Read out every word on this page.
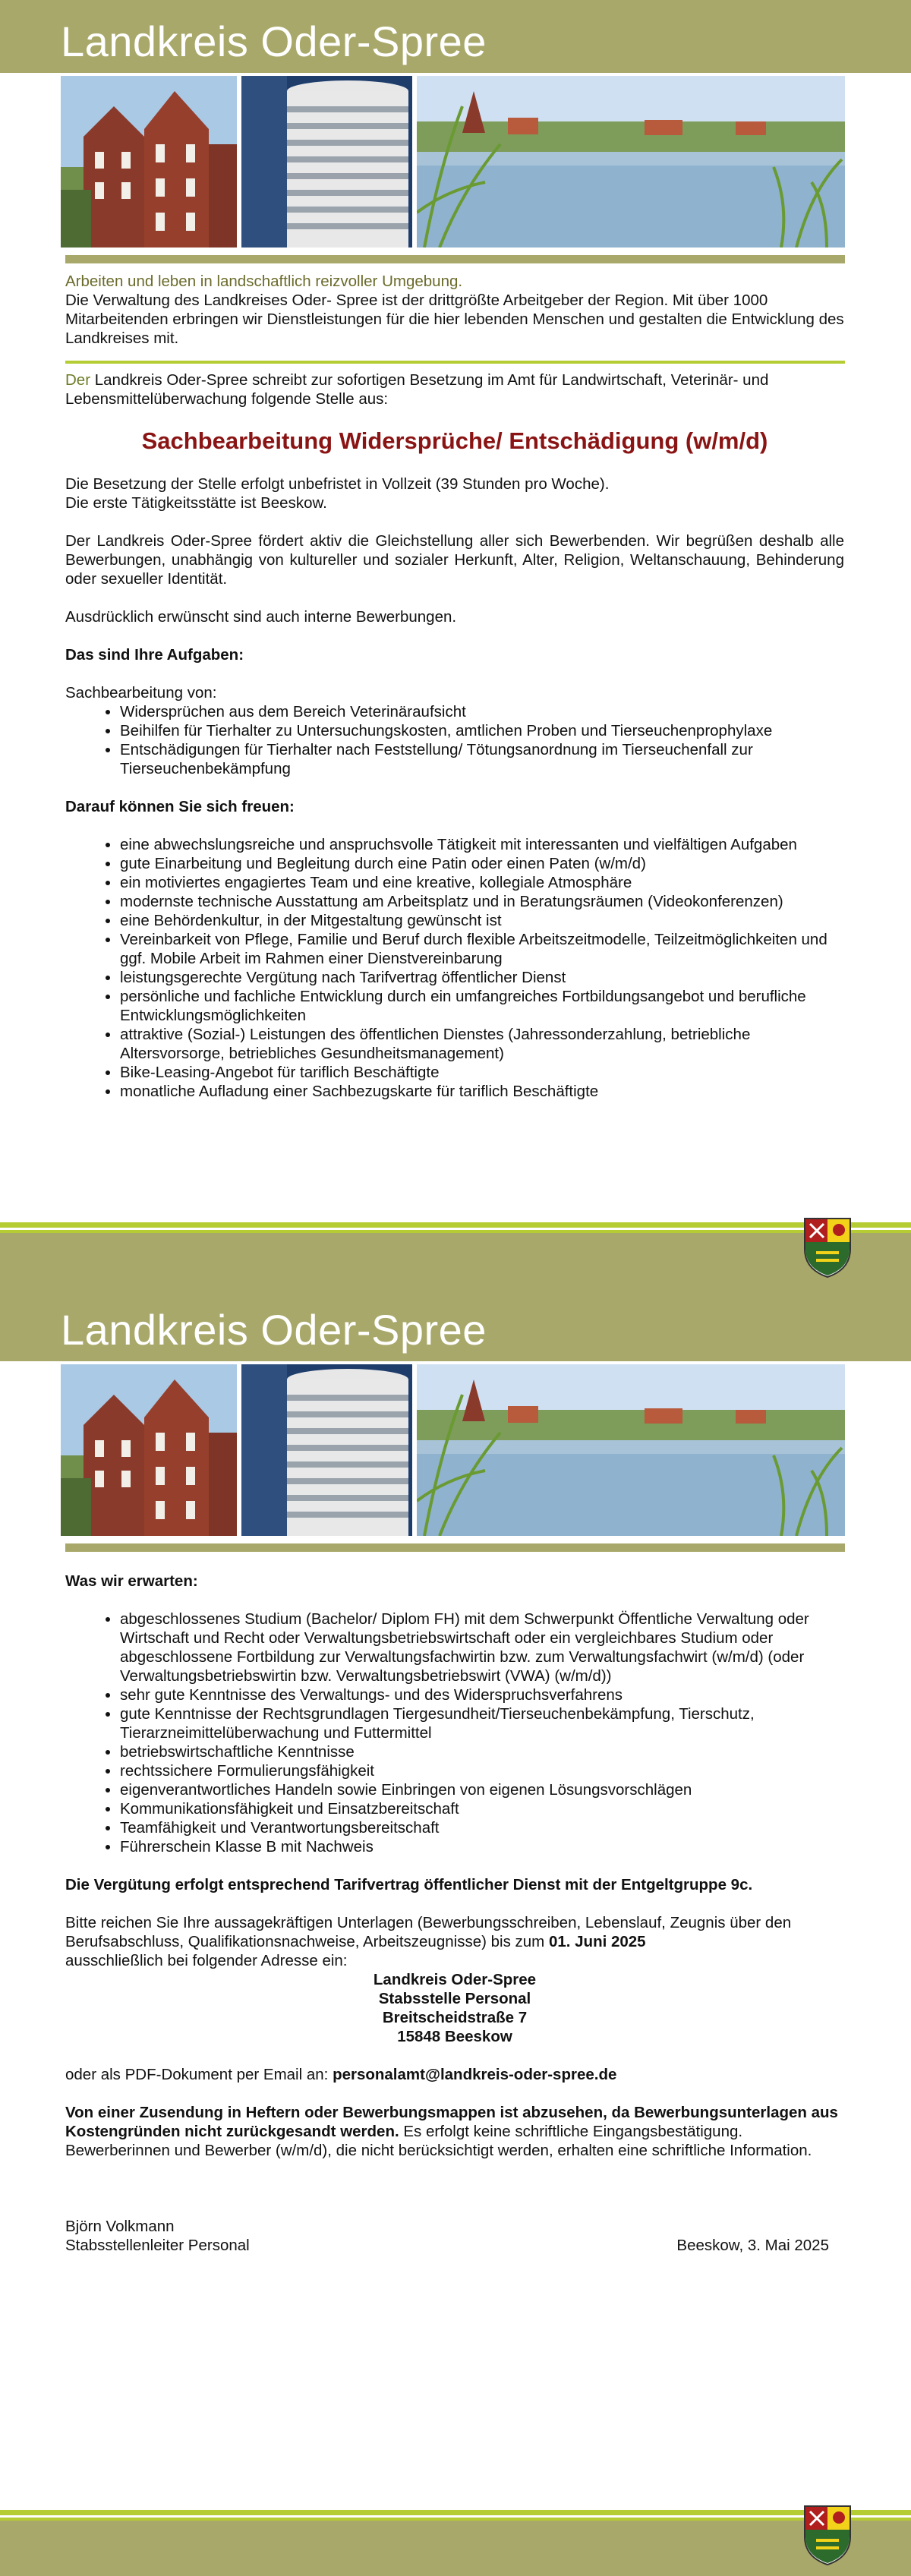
Landkreis Oder-Spree

Arbeiten und leben in landschaftlich reizvoller Umgebung.

Die Verwaltung des Landkreises Oder- Spree ist der drittgrößte Arbeitgeber der Region. Mit über 1000 Mitarbeitenden erbringen wir Dienstleistungen für die hier lebenden Menschen und gestalten die Entwicklung des Landkreises mit.

Der Landkreis Oder-Spree schreibt zur sofortigen Besetzung im Amt für Landwirtschaft, Veterinär- und Lebensmittelüberwachung folgende Stelle aus:

Sachbearbeitung Widersprüche/ Entschädigung (w/m/d)

Die Besetzung der Stelle erfolgt unbefristet in Vollzeit (39 Stunden pro Woche).

Die erste Tätigkeitsstätte ist Beeskow.

Der Landkreis Oder-Spree fördert aktiv die Gleichstellung aller sich Bewerbenden. Wir begrüßen deshalb alle Bewerbungen, unabhängig von kultureller und sozialer Herkunft, Alter, Religion, Weltanschauung, Behinderung oder sexueller Identität.

Ausdrücklich erwünscht sind auch interne Bewerbungen.

Das sind Ihre Aufgaben:

Sachbearbeitung von:

• Widersprüchen aus dem Bereich Veterinäraufsicht
• Beihilfen für Tierhalter zu Untersuchungskosten, amtlichen Proben und Tierseuchenprophylaxe
• Entschädigungen für Tierhalter nach Feststellung/ Tötungsanordnung im Tierseuchenfall zur Tierseuchenbekämpfung

Darauf können Sie sich freuen:

• eine abwechslungsreiche und anspruchsvolle Tätigkeit mit interessanten und vielfältigen Aufgaben
• gute Einarbeitung und Begleitung durch eine Patin oder einen Paten (w/m/d)
• ein motiviertes engagiertes Team und eine kreative, kollegiale Atmosphäre
• modernste technische Ausstattung am Arbeitsplatz und in Beratungsräumen (Videokonferenzen)
• eine Behördenkultur, in der Mitgestaltung gewünscht ist
• Vereinbarkeit von Pflege, Familie und Beruf durch flexible Arbeitszeitmodelle, Teilzeitmöglichkeiten und ggf. Mobile Arbeit im Rahmen einer Dienstvereinbarung
• leistungsgerechte Vergütung nach Tarifvertrag öffentlicher Dienst
• persönliche und fachliche Entwicklung durch ein umfangreiches Fortbildungsangebot und berufliche Entwicklungsmöglichkeiten
• attraktive (Sozial-) Leistungen des öffentlichen Dienstes (Jahressonderzahlung, betriebliche Altersvorsorge, betriebliches Gesundheitsmanagement)
• Bike-Leasing-Angebot für tariflich Beschäftigte
• monatliche Aufladung einer Sachbezugskarte für tariflich Beschäftigte
Landkreis Oder-Spree

Was wir erwarten:

• abgeschlossenes Studium (Bachelor/ Diplom FH) mit dem Schwerpunkt Öffentliche Verwaltung oder Wirtschaft und Recht oder Verwaltungsbetriebswirtschaft oder ein vergleichbares Studium oder abgeschlossene Fortbildung zur Verwaltungsfachwirtin bzw. zum Verwaltungsfachwirt (w/m/d) (oder Verwaltungsbetriebswirtin bzw. Verwaltungsbetriebswirt (VWA) (w/m/d))
• sehr gute Kenntnisse des Verwaltungs- und des Widerspruchsverfahrens
• gute Kenntnisse der Rechtsgrundlagen Tiergesundheit/Tierseuchenbekämpfung, Tierschutz, Tierarzneimittelüberwachung und Futtermittel
• betriebswirtschaftliche Kenntnisse
• rechtssichere Formulierungsfähigkeit
• eigenverantwortliches Handeln sowie Einbringen von eigenen Lösungsvorschlägen
• Kommunikationsfähigkeit und Einsatzbereitschaft
• Teamfähigkeit und Verantwortungsbereitschaft
• Führerschein Klasse B mit Nachweis

Die Vergütung erfolgt entsprechend Tarifvertrag öffentlicher Dienst mit der Entgeltgruppe 9c.

Bitte reichen Sie Ihre aussagekräftigen Unterlagen (Bewerbungsschreiben, Lebenslauf, Zeugnis über den Berufsabschluss, Qualifikationsnachweise, Arbeitszeugnisse) bis zum 01. Juni 2025

ausschließlich bei folgender Adresse ein:

Landkreis Oder-Spree

Stabsstelle Personal

Breitscheidstraße 7

15848 Beeskow

oder als PDF-Dokument per Email an: personalamt@landkreis-oder-spree.de

Von einer Zusendung in Heftern oder Bewerbungsmappen ist abzusehen, da Bewerbungsunterlagen aus Kostengründen nicht zurückgesandt werden. Es erfolgt keine schriftliche Eingangsbestätigung. Bewerberinnen und Bewerber (w/m/d), die nicht berücksichtigt werden, erhalten eine schriftliche Information.

Björn Volkmann

Stabsstellenleiter Personal	Beeskow, 3. Mai 2025
